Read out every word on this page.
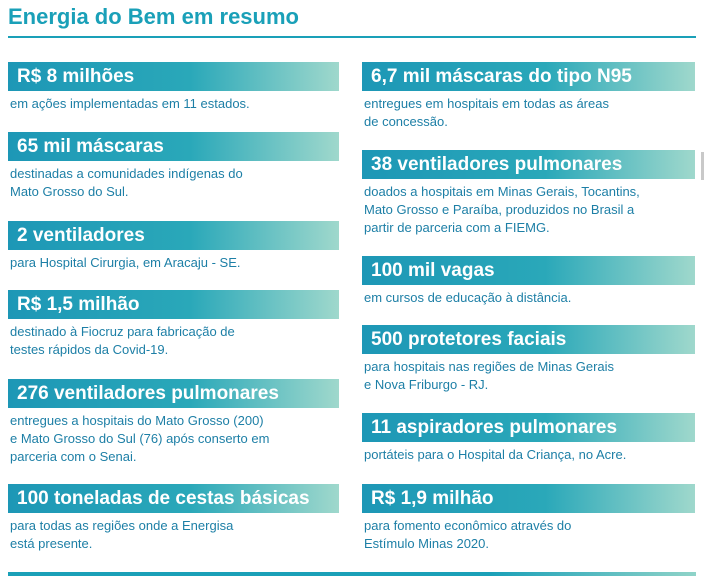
Energia do Bem em resumo
R$ 8 milhões
em ações implementadas em 11 estados.
65 mil máscaras
destinadas a comunidades indígenas do
Mato Grosso do Sul.
2 ventiladores
para Hospital Cirurgia, em Aracaju - SE.
R$ 1,5 milhão
destinado à Fiocruz para fabricação de
testes rápidos da Covid-19.
276 ventiladores pulmonares
entregues a hospitais do Mato Grosso (200)
e Mato Grosso do Sul (76) após conserto em
parceria com o Senai.
100 toneladas de cestas básicas
para todas as regiões onde a Energisa
está presente.
6,7 mil máscaras do tipo N95
entregues em hospitais em todas as áreas
de concessão.
38 ventiladores pulmonares
doados a hospitais em Minas Gerais, Tocantins,
Mato Grosso e Paraíba, produzidos no Brasil a
partir de parceria com a FIEMG.
100 mil vagas
em cursos de educação à distância.
500 protetores faciais
para hospitais nas regiões de Minas Gerais
e Nova Friburgo - RJ.
11 aspiradores pulmonares
portáteis para o Hospital da Criança, no Acre.
R$ 1,9 milhão
para fomento econômico através do
Estímulo Minas 2020.
